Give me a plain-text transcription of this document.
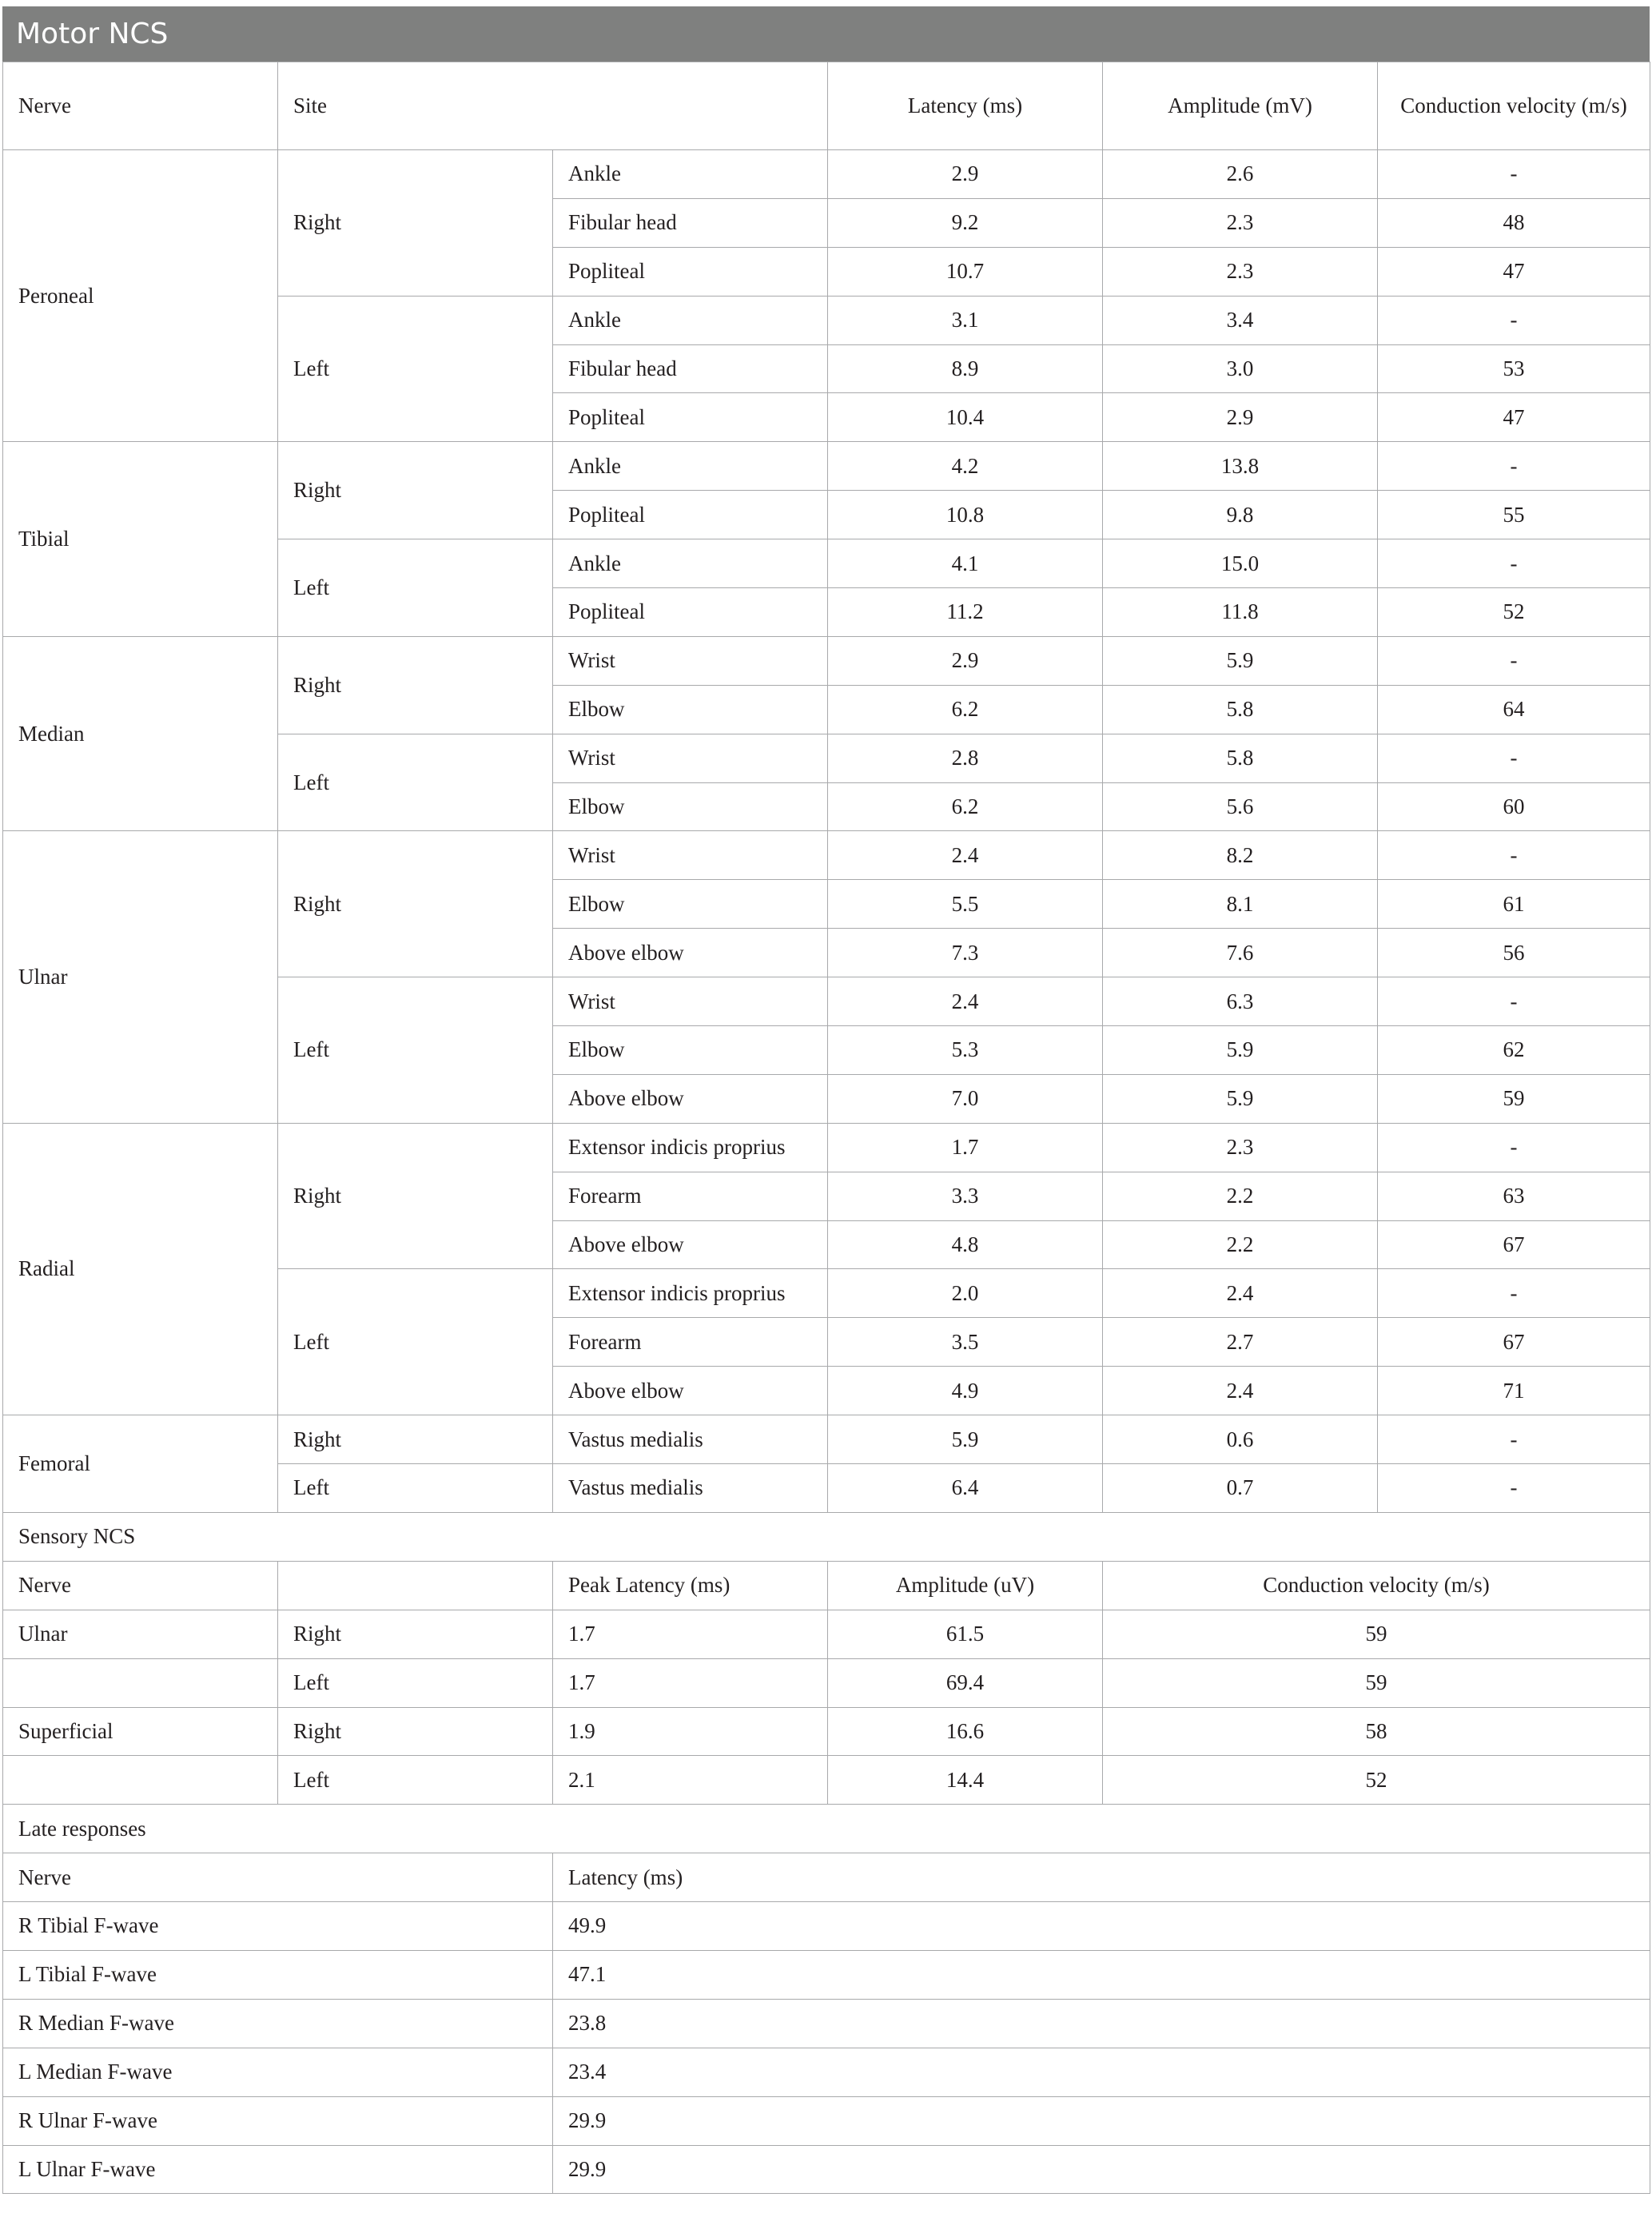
Motor NCS
Nerve	Site		Latency (ms)	Amplitude (mV)	Conduction velocity (m/s)
Peroneal	Right	Ankle	2.9	2.6	-
		Fibular head	9.2	2.3	48
		Popliteal	10.7	2.3	47
	Left	Ankle	3.1	3.4	-
		Fibular head	8.9	3.0	53
		Popliteal	10.4	2.9	47
Tibial	Right	Ankle	4.2	13.8	-
		Popliteal	10.8	9.8	55
	Left	Ankle	4.1	15.0	-
		Popliteal	11.2	11.8	52
Median	Right	Wrist	2.9	5.9	-
		Elbow	6.2	5.8	64
	Left	Wrist	2.8	5.8	-
		Elbow	6.2	5.6	60
Ulnar	Right	Wrist	2.4	8.2	-
		Elbow	5.5	8.1	61
		Above elbow	7.3	7.6	56
	Left	Wrist	2.4	6.3	-
		Elbow	5.3	5.9	62
		Above elbow	7.0	5.9	59
Radial	Right	Extensor indicis proprius	1.7	2.3	-
		Forearm	3.3	2.2	63
		Above elbow	4.8	2.2	67
	Left	Extensor indicis proprius	2.0	2.4	-
		Forearm	3.5	2.7	67
		Above elbow	4.9	2.4	71
Femoral	Right	Vastus medialis	5.9	0.6	-
	Left	Vastus medialis	6.4	0.7	-
Sensory NCS					
Nerve		Peak Latency (ms)	Amplitude (uV)	Conduction velocity (m/s)	
Ulnar	Right	1.7	61.5	59	
	Left	1.7	69.4	59	
Superficial	Right	1.9	16.6	58	
	Left	2.1	14.4	52	
Late responses					
Nerve		Latency (ms)			
R Tibial F-wave		49.9			
L Tibial F-wave		47.1			
R Median F-wave		23.8			
L Median F-wave		23.4			
R Ulnar F-wave		29.9			
L Ulnar F-wave		29.9			
